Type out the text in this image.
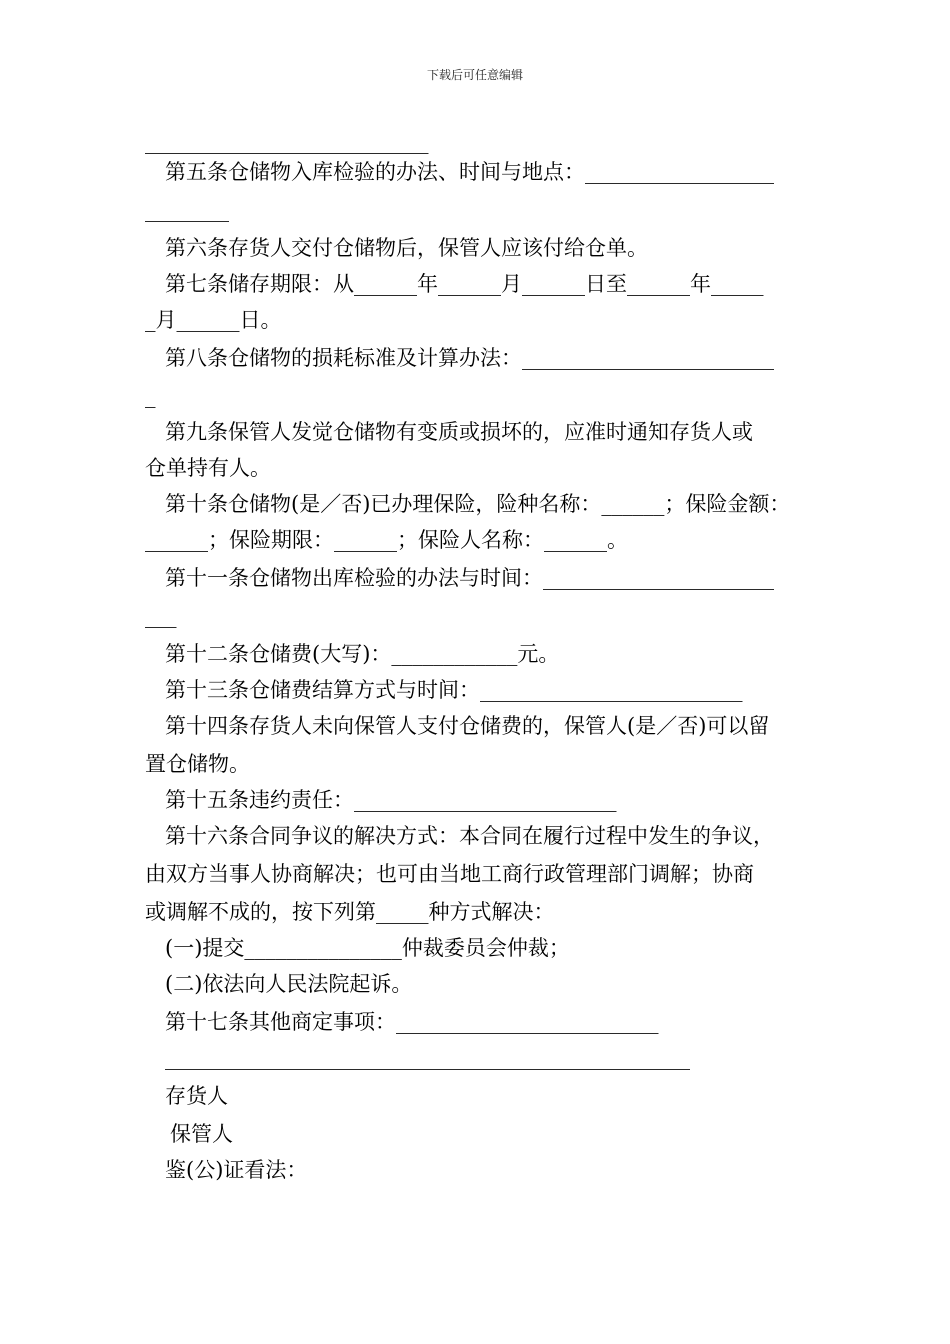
下载后可任意编辑
___________________________
第五条仓储物入库检验的办法、时间与地点：__________________
________
第六条存货人交付仓储物后，保管人应该付给仓单。
第七条储存期限：从______年______月______日至______年_____
_月______日。
第八条仓储物的损耗标准及计算办法：________________________
_
第九条保管人发觉仓储物有变质或损坏的，应准时通知存货人或
仓单持有人。
第十条仓储物(是／否)已办理保险，险种名称：______；保险金额：
______；保险期限：______；保险人名称：______。
第十一条仓储物出库检验的办法与时间：______________________
___
第十二条仓储费(大写)：____________元。
第十三条仓储费结算方式与时间：_________________________
第十四条存货人未向保管人支付仓储费的，保管人(是／否)可以留
置仓储物。
第十五条违约责任：_________________________
第十六条合同争议的解决方式：本合同在履行过程中发生的争议，
由双方当事人协商解决；也可由当地工商行政管理部门调解；协商
或调解不成的，按下列第_____种方式解决：
(一)提交_______________仲裁委员会仲裁；
(二)依法向人民法院起诉。
第十七条其他商定事项：_________________________
__________________________________________________
存货人
保管人
鉴(公)证看法：
